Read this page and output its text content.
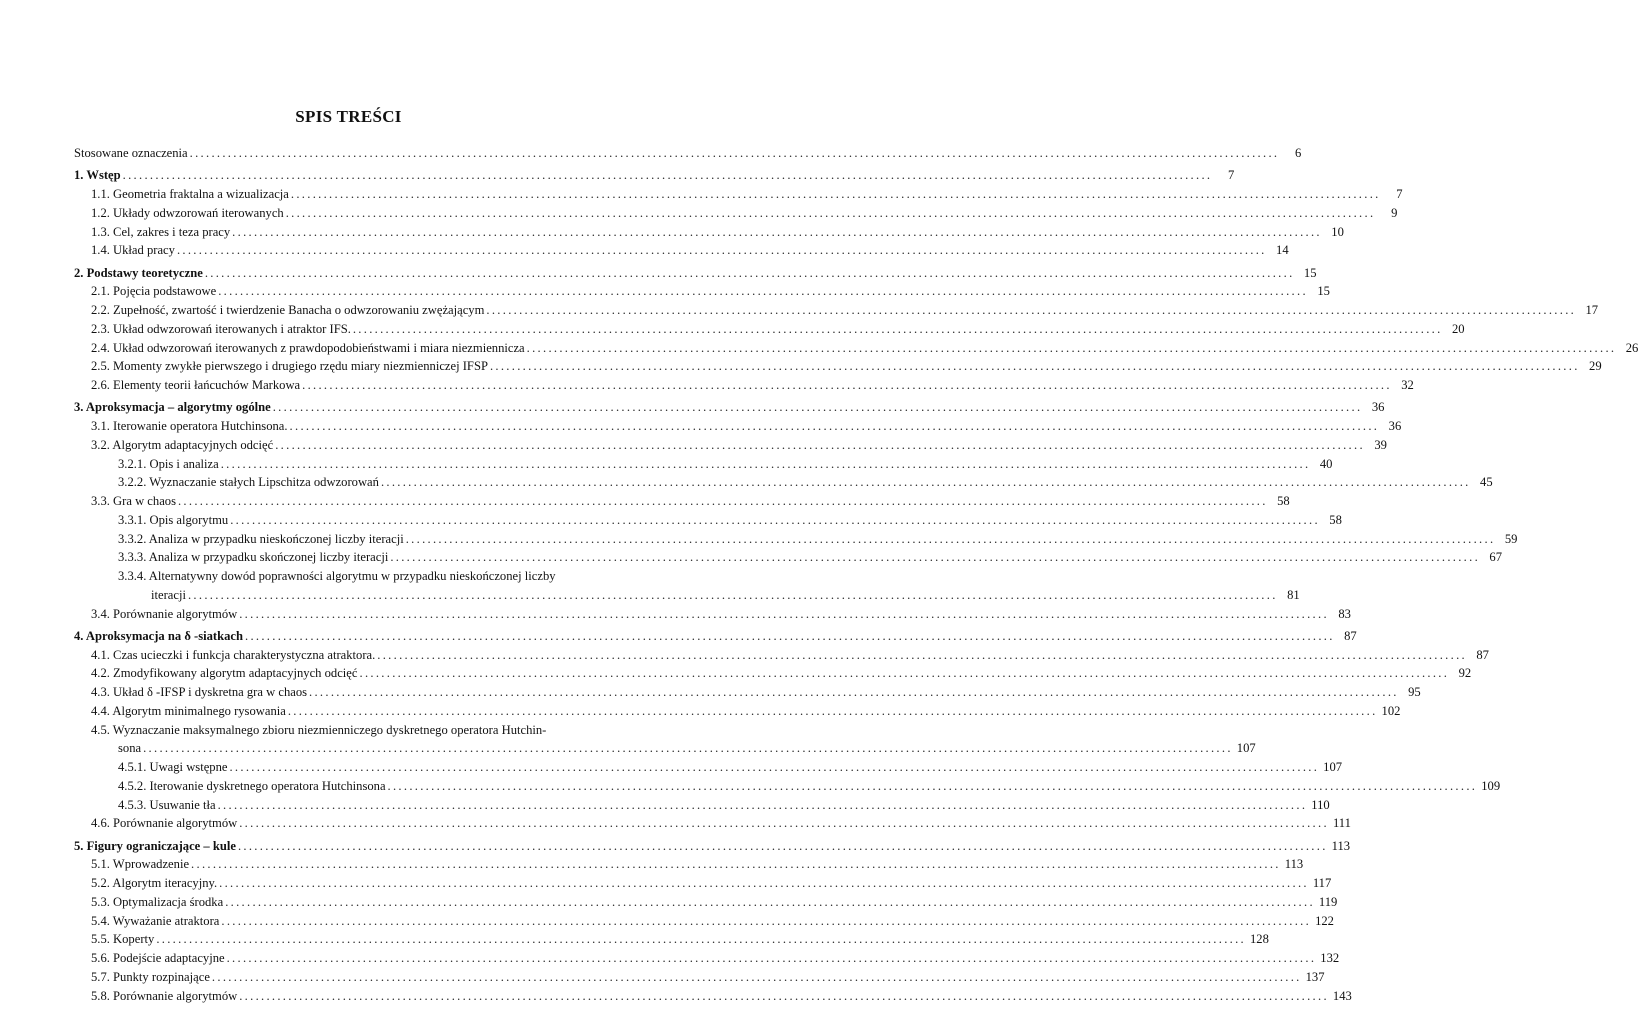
SPIS TREŚCI
Stosowane oznaczenia ........................................................................................................................................................................................................	6
1. Wstęp ........................................................................................................................................................................................................	7
1.1. Geometria fraktalna a wizualizacja ........................................................................................................................................................................................................	7
1.2. Układy odwzorowań iterowanych ........................................................................................................................................................................................................	9
1.3. Cel, zakres i teza pracy ........................................................................................................................................................................................................ 10
1.4. Układ pracy ........................................................................................................................................................................................................ 14
2. Podstawy teoretyczne ........................................................................................................................................................................................................ 15
2.1. Pojęcia podstawowe ........................................................................................................................................................................................................ 15
2.2. Zupełność, zwartość i twierdzenie Banacha o odwzorowaniu zwężającym ........................................................................................................................................................................................................ 17
2.3. Układ odwzorowań iterowanych i atraktor IFS. ........................................................................................................................................................................................................ 20
2.4. Układ odwzorowań iterowanych z prawdopodobieństwami i miara niezmiennicza ........................................................................................................................................................................................................ 26
2.5. Momenty zwykłe pierwszego i drugiego rzędu miary niezmienniczej IFSP ........................................................................................................................................................................................................ 29
2.6. Elementy teorii łańcuchów Markowa ........................................................................................................................................................................................................ 32
3. Aproksymacja – algorytmy ogólne ........................................................................................................................................................................................................ 36
3.1. Iterowanie operatora Hutchinsona. ........................................................................................................................................................................................................ 36
3.2. Algorytm adaptacyjnych odcięć ........................................................................................................................................................................................................ 39
3.2.1. Opis i analiza ........................................................................................................................................................................................................ 40
3.2.2. Wyznaczanie stałych Lipschitza odwzorowań ........................................................................................................................................................................................................ 45
3.3. Gra w chaos ........................................................................................................................................................................................................ 58
3.3.1. Opis algorytmu ........................................................................................................................................................................................................ 58
3.3.2. Analiza w przypadku nieskończonej liczby iteracji ........................................................................................................................................................................................................ 59
3.3.3. Analiza w przypadku skończonej liczby iteracji ........................................................................................................................................................................................................ 67
3.3.4. Alternatywny dowód poprawności algorytmu w przypadku nieskończonej liczby
iteracji ........................................................................................................................................................................................................ 81
3.4. Porównanie algorytmów ........................................................................................................................................................................................................ 83
4. Aproksymacja na δ -siatkach ........................................................................................................................................................................................................ 87
4.1. Czas ucieczki i funkcja charakterystyczna atraktora. ........................................................................................................................................................................................................ 87
4.2. Zmodyfikowany algorytm adaptacyjnych odcięć ........................................................................................................................................................................................................ 92
4.3. Układ δ -IFSP i dyskretna gra w chaos ........................................................................................................................................................................................................ 95
4.4. Algorytm minimalnego rysowania ........................................................................................................................................................................................................ 102
4.5. Wyznaczanie maksymalnego zbioru niezmienniczego dyskretnego operatora Hutchin-
sona ........................................................................................................................................................................................................ 107
4.5.1. Uwagi wstępne ........................................................................................................................................................................................................ 107
4.5.2. Iterowanie dyskretnego operatora Hutchinsona ........................................................................................................................................................................................................ 109
4.5.3. Usuwanie tła ........................................................................................................................................................................................................ 110
4.6. Porównanie algorytmów ........................................................................................................................................................................................................ 111
5. Figury ograniczające – kule ........................................................................................................................................................................................................ 113
5.1. Wprowadzenie ........................................................................................................................................................................................................ 113
5.2. Algorytm iteracyjny. ........................................................................................................................................................................................................ 117
5.3. Optymalizacja środka ........................................................................................................................................................................................................ 119
5.4. Wyważanie atraktora ........................................................................................................................................................................................................ 122
5.5. Koperty ........................................................................................................................................................................................................ 128
5.6. Podejście adaptacyjne ........................................................................................................................................................................................................ 132
5.7. Punkty rozpinające ........................................................................................................................................................................................................ 137
5.8. Porównanie algorytmów ........................................................................................................................................................................................................ 143
